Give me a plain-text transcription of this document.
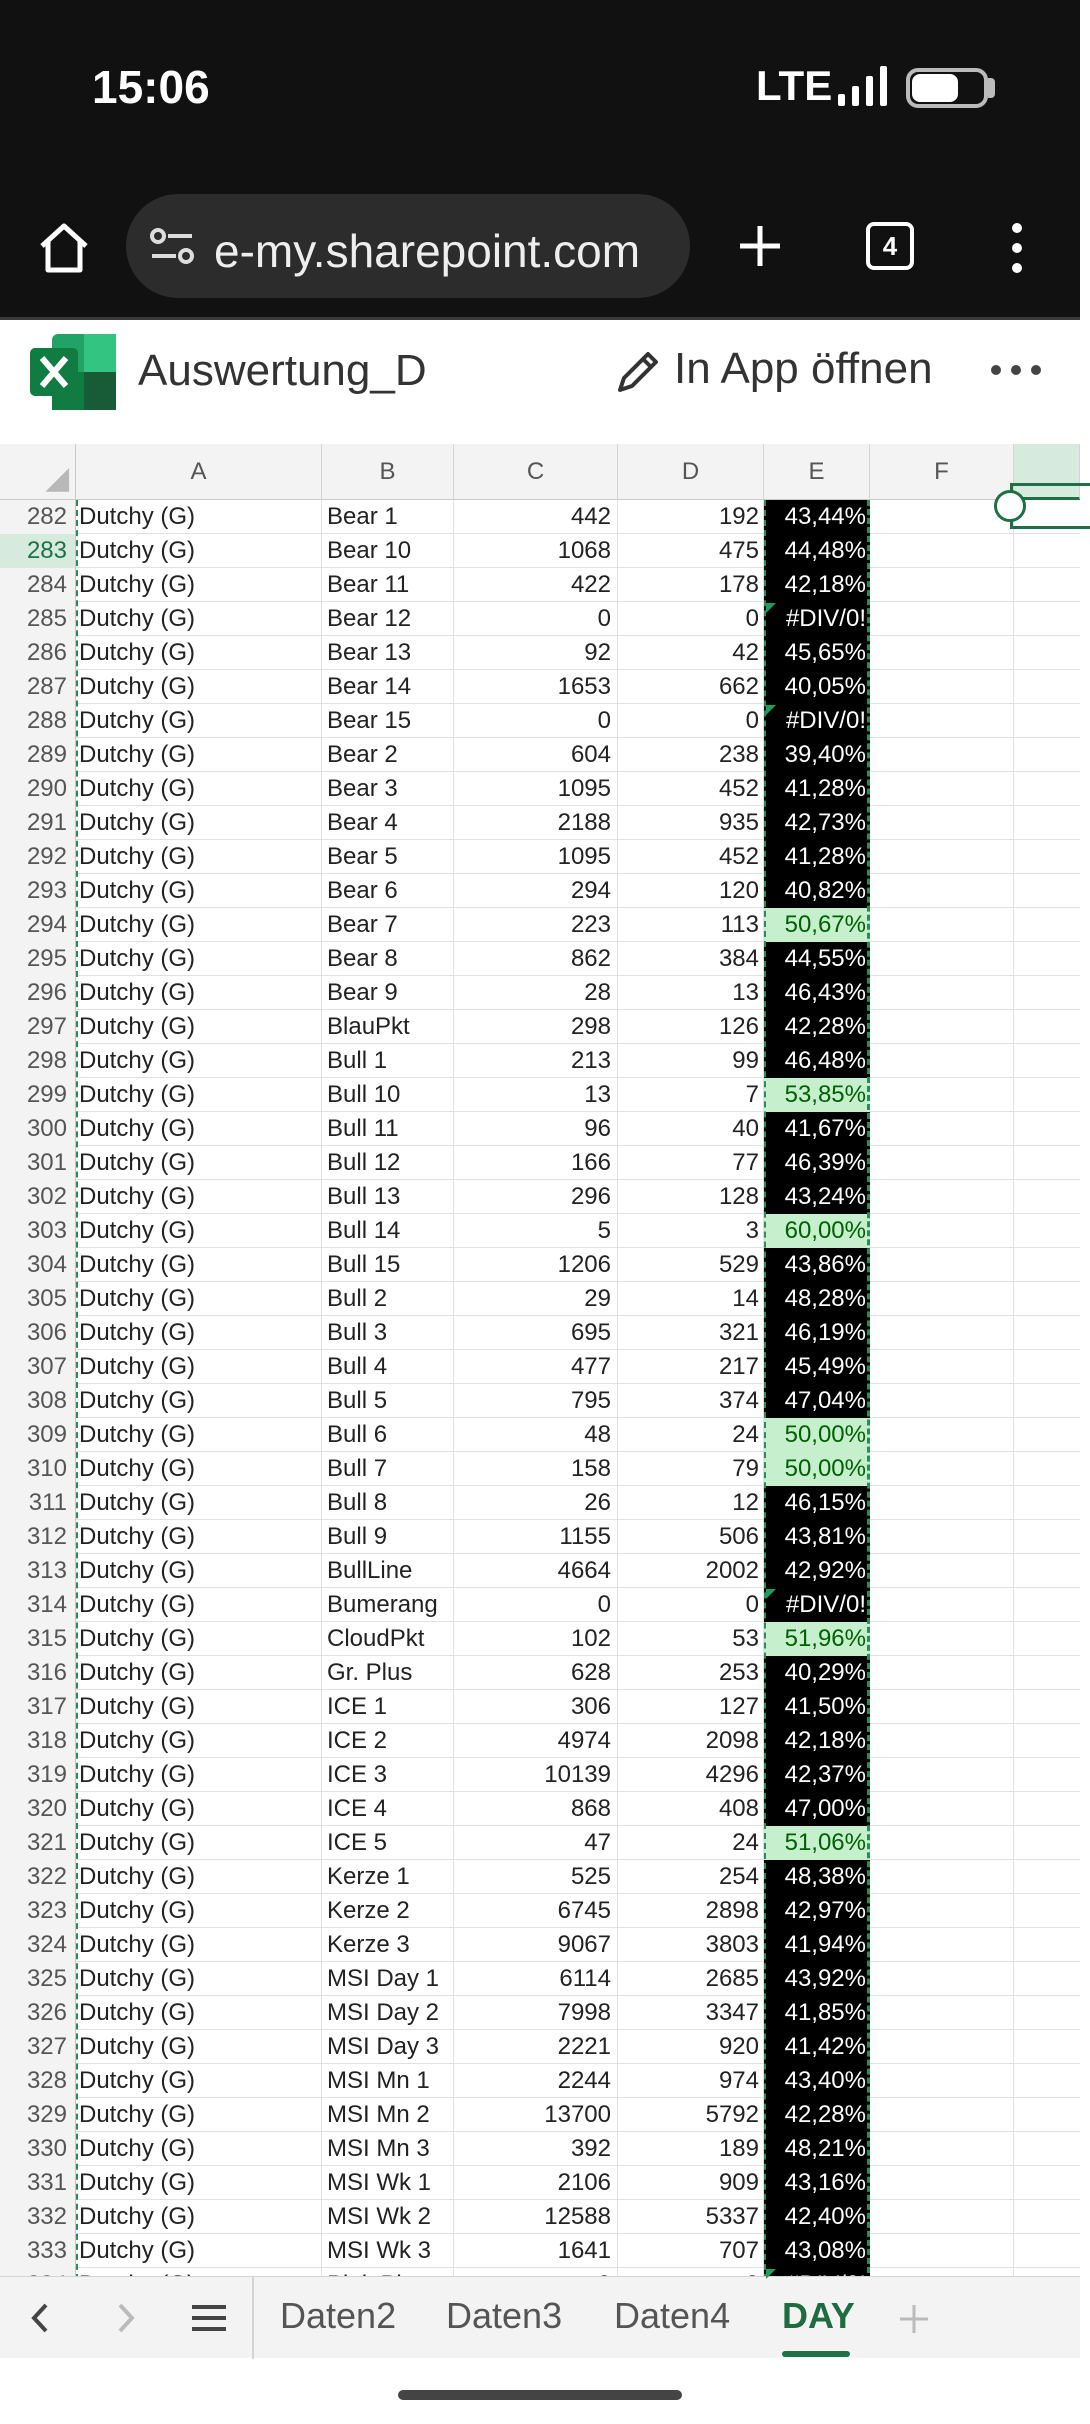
15:06	LTE
e-my.sharepoint.com	4
Auswertung_D	In App öffnen
A	B	C	D	E	F
282 Dutchy (G)	Bear 1	442	192	43,44%
283 Dutchy (G)	Bear 10	1068	475	44,48%
284 Dutchy (G)	Bear 11	422	178	42,18%
285 Dutchy (G)	Bear 12	0	0	#DIV/0!
286 Dutchy (G)	Bear 13	92	42	45,65%
287 Dutchy (G)	Bear 14	1653	662	40,05%
288 Dutchy (G)	Bear 15	0	0	#DIV/0!
289 Dutchy (G)	Bear 2	604	238	39,40%
290 Dutchy (G)	Bear 3	1095	452	41,28%
291 Dutchy (G)	Bear 4	2188	935	42,73%
292 Dutchy (G)	Bear 5	1095	452	41,28%
293 Dutchy (G)	Bear 6	294	120	40,82%
294 Dutchy (G)	Bear 7	223	113	50,67%
295 Dutchy (G)	Bear 8	862	384	44,55%
296 Dutchy (G)	Bear 9	28	13	46,43%
297 Dutchy (G)	BlauPkt	298	126	42,28%
298 Dutchy (G)	Bull 1	213	99	46,48%
299 Dutchy (G)	Bull 10	13	7	53,85%
300 Dutchy (G)	Bull 11	96	40	41,67%
301 Dutchy (G)	Bull 12	166	77	46,39%
302 Dutchy (G)	Bull 13	296	128	43,24%
303 Dutchy (G)	Bull 14	5	3	60,00%
304 Dutchy (G)	Bull 15	1206	529	43,86%
305 Dutchy (G)	Bull 2	29	14	48,28%
306 Dutchy (G)	Bull 3	695	321	46,19%
307 Dutchy (G)	Bull 4	477	217	45,49%
308 Dutchy (G)	Bull 5	795	374	47,04%
309 Dutchy (G)	Bull 6	48	24	50,00%
310 Dutchy (G)	Bull 7	158	79	50,00%
311 Dutchy (G)	Bull 8	26	12	46,15%
312 Dutchy (G)	Bull 9	1155	506	43,81%
313 Dutchy (G)	BullLine	4664	2002	42,92%
314 Dutchy (G)	Bumerang	0	0	#DIV/0!
315 Dutchy (G)	CloudPkt	102	53	51,96%
316 Dutchy (G)	Gr. Plus	628	253	40,29%
317 Dutchy (G)	ICE 1	306	127	41,50%
318 Dutchy (G)	ICE 2	4974	2098	42,18%
319 Dutchy (G)	ICE 3	10139	4296	42,37%
320 Dutchy (G)	ICE 4	868	408	47,00%
321 Dutchy (G)	ICE 5	47	24	51,06%
322 Dutchy (G)	Kerze 1	525	254	48,38%
323 Dutchy (G)	Kerze 2	6745	2898	42,97%
324 Dutchy (G)	Kerze 3	9067	3803	41,94%
325 Dutchy (G)	MSI Day 1	6114	2685	43,92%
326 Dutchy (G)	MSI Day 2	7998	3347	41,85%
327 Dutchy (G)	MSI Day 3	2221	920	41,42%
328 Dutchy (G)	MSI Mn 1	2244	974	43,40%
329 Dutchy (G)	MSI Mn 2	13700	5792	42,28%
330 Dutchy (G)	MSI Mn 3	392	189	48,21%
331 Dutchy (G)	MSI Wk 1	2106	909	43,16%
332 Dutchy (G)	MSI Wk 2	12588	5337	42,40%
333 Dutchy (G)	MSI Wk 3	1641	707	43,08%
Daten2 Daten3 Daten4 DAY
